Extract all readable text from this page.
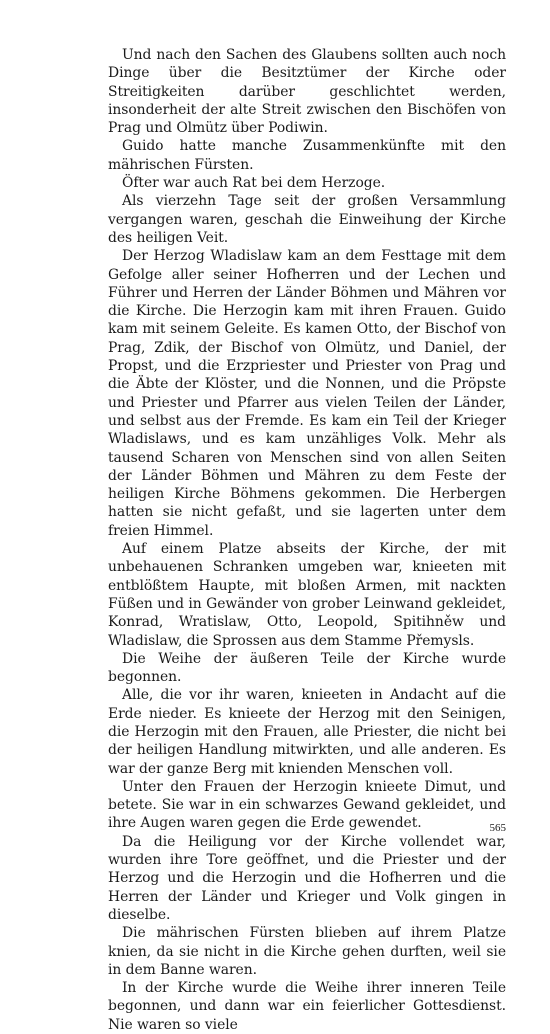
Und nach den Sachen des Glaubens sollten auch noch Dinge über die Besitztümer der Kirche oder Streitigkeiten darüber geschlichtet werden, insonderheit der alte Streit zwischen den Bischöfen von Prag und Olmütz über Podiwin.

Guido hatte manche Zusammenkünfte mit den mährischen Fürsten.

Öfter war auch Rat bei dem Herzoge.

Als vierzehn Tage seit der großen Versammlung vergangen waren, geschah die Einweihung der Kirche des heiligen Veit.

Der Herzog Wladislaw kam an dem Festtage mit dem Gefolge aller seiner Hofherren und der Lechen und Führer und Herren der Länder Böhmen und Mähren vor die Kirche. Die Herzogin kam mit ihren Frauen. Guido kam mit seinem Geleite. Es kamen Otto, der Bischof von Prag, Zdik, der Bischof von Olmütz, und Daniel, der Propst, und die Erzpriester und Priester von Prag und die Äbte der Klöster, und die Nonnen, und die Pröpste und Priester und Pfarrer aus vielen Teilen der Länder, und selbst aus der Fremde. Es kam ein Teil der Krieger Wladislaws, und es kam unzähliges Volk. Mehr als tausend Scharen von Menschen sind von allen Seiten der Länder Böhmen und Mähren zu dem Feste der heiligen Kirche Böhmens gekommen. Die Herbergen hatten sie nicht gefaßt, und sie lagerten unter dem freien Himmel.

Auf einem Platze abseits der Kirche, der mit unbehauenen Schranken umgeben war, knieeten mit entblößtem Haupte, mit bloßen Armen, mit nackten Füßen und in Gewänder von grober Leinwand gekleidet, Konrad, Wratislaw, Otto, Leopold, Spitihněw und Wladislaw, die Sprossen aus dem Stamme Přemysls.

Die Weihe der äußeren Teile der Kirche wurde begonnen.

Alle, die vor ihr waren, knieeten in Andacht auf die Erde nieder. Es knieete der Herzog mit den Seinigen, die Herzogin mit den Frauen, alle Priester, die nicht bei der heiligen Handlung mitwirkten, und alle anderen. Es war der ganze Berg mit knienden Menschen voll.

Unter den Frauen der Herzogin knieete Dimut, und betete. Sie war in ein schwarzes Gewand gekleidet, und ihre Augen waren gegen die Erde gewendet.

Da die Heiligung vor der Kirche vollendet war, wurden ihre Tore geöffnet, und die Priester und der Herzog und die Herzogin und die Hofherren und die Herren der Länder und Krieger und Volk gingen in dieselbe.

Die mährischen Fürsten blieben auf ihrem Platze knien, da sie nicht in die Kirche gehen durften, weil sie in dem Banne waren.

In der Kirche wurde die Weihe ihrer inneren Teile begonnen, und dann war ein feierlicher Gottesdienst. Nie waren so viele

565
